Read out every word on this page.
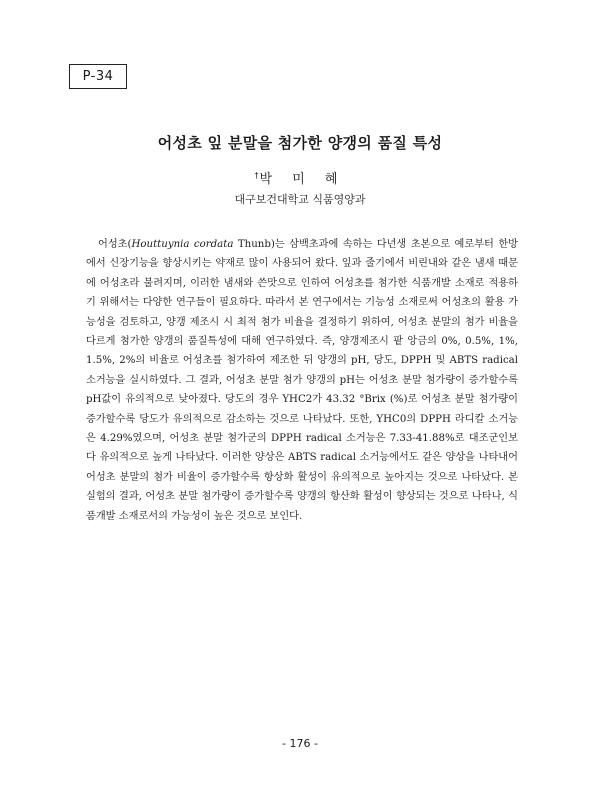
P-34
어성초 잎 분말을 첨가한 양갱의 품질 특성
†박 미 혜
대구보건대학교 식품영양과

어성초(Houttuynia cordata Thunb)는 삼백초과에 속하는 다년생 초본으로 예로부터 한방에서 신장기능을 향상시키는 약재로 많이 사용되어 왔다. 잎과 줄기에서 비린내와 같은 냄새 때문에 어성초라 불려지며, 이러한 냄새와 쓴맛으로 인하여 어성초를 첨가한 식품개발 소재로 적용하기 위해서는 다양한 연구들이 필요하다. 따라서 본 연구에서는 기능성 소재로써 어성초의 활용 가능성을 검토하고, 양갱 제조시 시 최적 첨가 비율을 결정하기 위하여, 어성초 분말의 첨가 비율을 다르게 첨가한 양갱의 품질특성에 대해 연구하였다. 즉, 양갱제조시 팥 앙금의 0%, 0.5%, 1%, 1.5%, 2%의 비율로 어성초를 첨가하여 제조한 뒤 양갱의 pH, 당도, DPPH 및 ABTS radical 소거능을 실시하였다. 그 결과, 어성초 분말 첨가 양갱의 pH는 어성초 분말 첨가량이 증가할수록 pH값이 유의적으로 낮아졌다. 당도의 경우 YHC2가 43.32 °Brix (%)로 어성초 분말 첨가량이 증가할수록 당도가 유의적으로 감소하는 것으로 나타났다. 또한, YHC0의 DPPH 라디칼 소거능은 4.29%였으며, 어성초 분말 첨가군의 DPPH radical 소거능은 7.33-41.88%로 대조군인보다 유의적으로 높게 나타났다. 이러한 양상은 ABTS radical 소거능에서도 같은 양상을 나타내어 어성초 분말의 첨가 비율이 증가할수록 항상화 활성이 유의적으로 높아지는 것으로 나타났다. 본 실험의 결과, 어성초 분말 첨가량이 증가할수록 양갱의 항산화 활성이 향상되는 것으로 나타나, 식품개발 소재로서의 가능성이 높은 것으로 보인다.

- 176 -
